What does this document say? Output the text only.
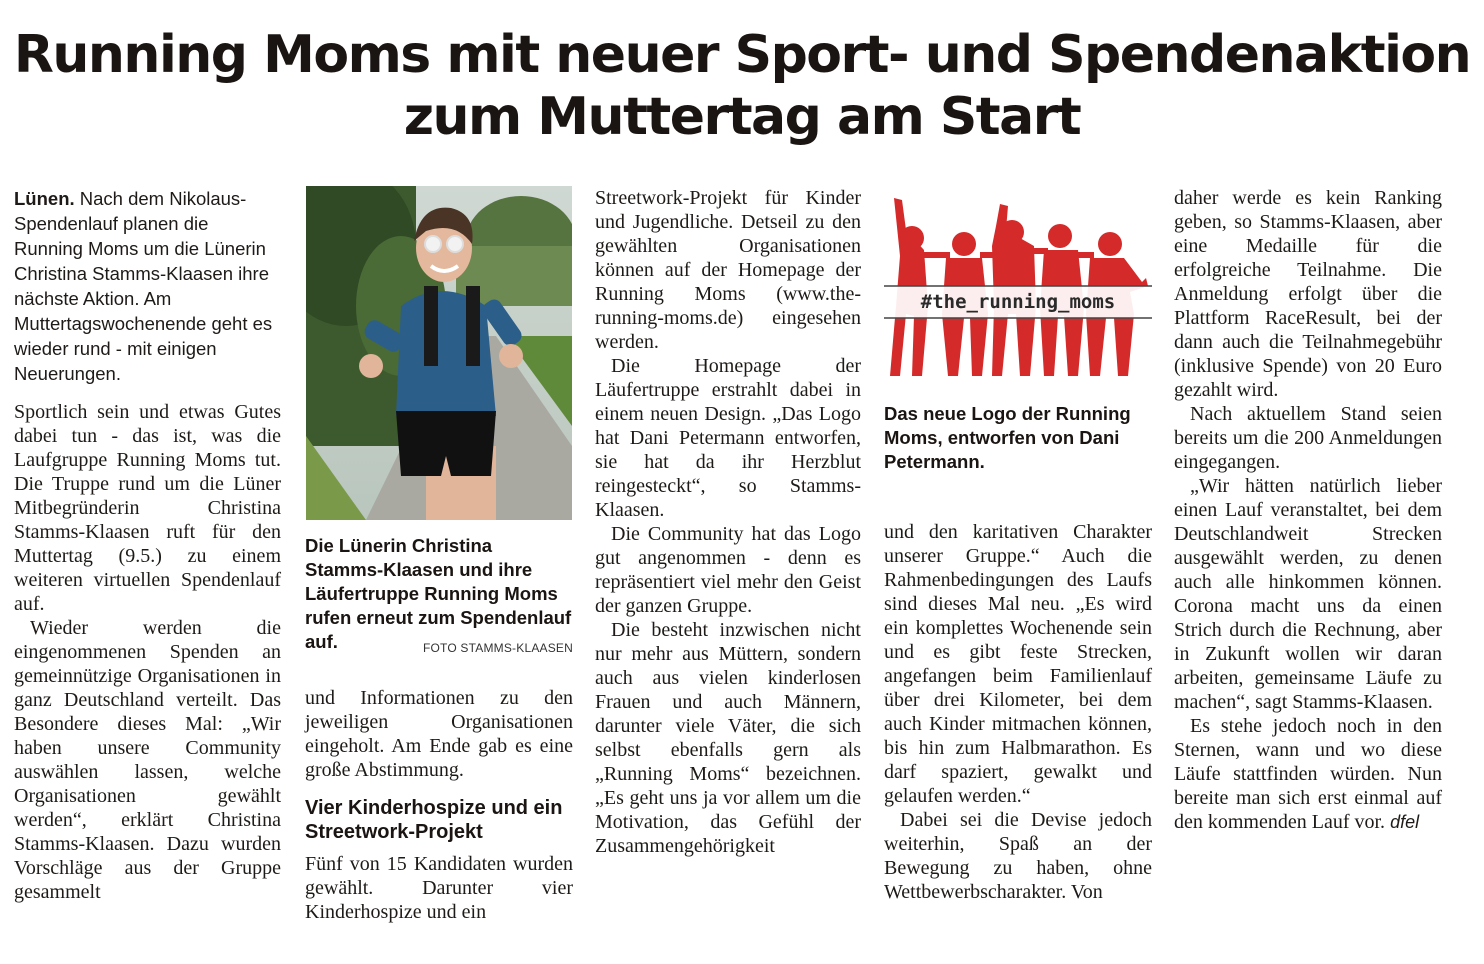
Running Moms mit neuer Sport- und Spendenaktion
zum Muttertag am Start

Lünen. Nach dem Nikolaus-Spendenlauf planen die Running Moms um die Lünerin Christina Stamms-Klaasen ihre nächste Aktion. Am Muttertagswochenende geht es wieder rund - mit einigen Neuerungen.

Sportlich sein und etwas Gutes dabei tun - das ist, was die Laufgruppe Running Moms tut. Die Truppe rund um die Lüner Mitbegründerin Christina Stamms-Klaasen ruft für den Muttertag (9.5.) zu einem weiteren virtuellen Spendenlauf auf.

Wieder werden die eingenommenen Spenden an gemeinnützige Organisationen in ganz Deutschland verteilt. Das Besondere dieses Mal: „Wir haben unsere Community auswählen lassen, welche Organisationen gewählt werden“, erklärt Christina Stamms-Klaasen. Dazu wurden Vorschläge aus der Gruppe gesammelt

Die Lünerin Christina Stamms-Klaasen und ihre Läufertruppe Running Moms rufen erneut zum Spendenlauf auf.	FOTO STAMMS-KLAASEN

und Informationen zu den jeweiligen Organisationen eingeholt. Am Ende gab es eine große Abstimmung.

Vier Kinderhospize und ein Streetwork-Projekt

Fünf von 15 Kandidaten wurden gewählt. Darunter vier Kinderhospize und ein

Streetwork-Projekt für Kinder und Jugendliche. Detseil zu den gewählten Organisationen können auf der Homepage der Running Moms (www.the-running-moms.de) eingesehen werden.

Die Homepage der Läufertruppe erstrahlt dabei in einem neuen Design. „Das Logo hat Dani Petermann entworfen, sie hat da ihr Herzblut reingesteckt“, so Stamms-Klaasen.

Die Community hat das Logo gut angenommen - denn es repräsentiert viel mehr den Geist der ganzen Gruppe.

Die besteht inzwischen nicht nur mehr aus Müttern, sondern auch aus vielen kinderlosen Frauen und auch Männern, darunter viele Väter, die sich selbst ebenfalls gern als „Running Moms“ bezeichnen. „Es geht uns ja vor allem um die Motivation, das Gefühl der Zusammengehörigkeit

#the_running_moms

Das neue Logo der Running Moms, entworfen von Dani Petermann.

und den karitativen Charakter unserer Gruppe.“ Auch die Rahmenbedingungen des Laufs sind dieses Mal neu. „Es wird ein komplettes Wochenende sein und es gibt feste Strecken, angefangen beim Familienlauf über drei Kilometer, bei dem auch Kinder mitmachen können, bis hin zum Halbmarathon. Es darf spaziert, gewalkt und gelaufen werden.“

Dabei sei die Devise jedoch weiterhin, Spaß an der Bewegung zu haben, ohne Wettbewerbscharakter. Von

daher werde es kein Ranking geben, so Stamms-Klaasen, aber eine Medaille für die erfolgreiche Teilnahme. Die Anmeldung erfolgt über die Plattform RaceResult, bei der dann auch die Teilnahmegebühr (inklusive Spende) von 20 Euro gezahlt wird.

Nach aktuellem Stand seien bereits um die 200 Anmeldungen eingegangen.

„Wir hätten natürlich lieber einen Lauf veranstaltet, bei dem Deutschlandweit Strecken ausgewählt werden, zu denen auch alle hinkommen können. Corona macht uns da einen Strich durch die Rechnung, aber in Zukunft wollen wir daran arbeiten, gemeinsame Läufe zu machen“, sagt Stamms-Klaasen.

Es stehe jedoch noch in den Sternen, wann und wo diese Läufe stattfinden würden. Nun bereite man sich erst einmal auf den kommenden Lauf vor. dfel
